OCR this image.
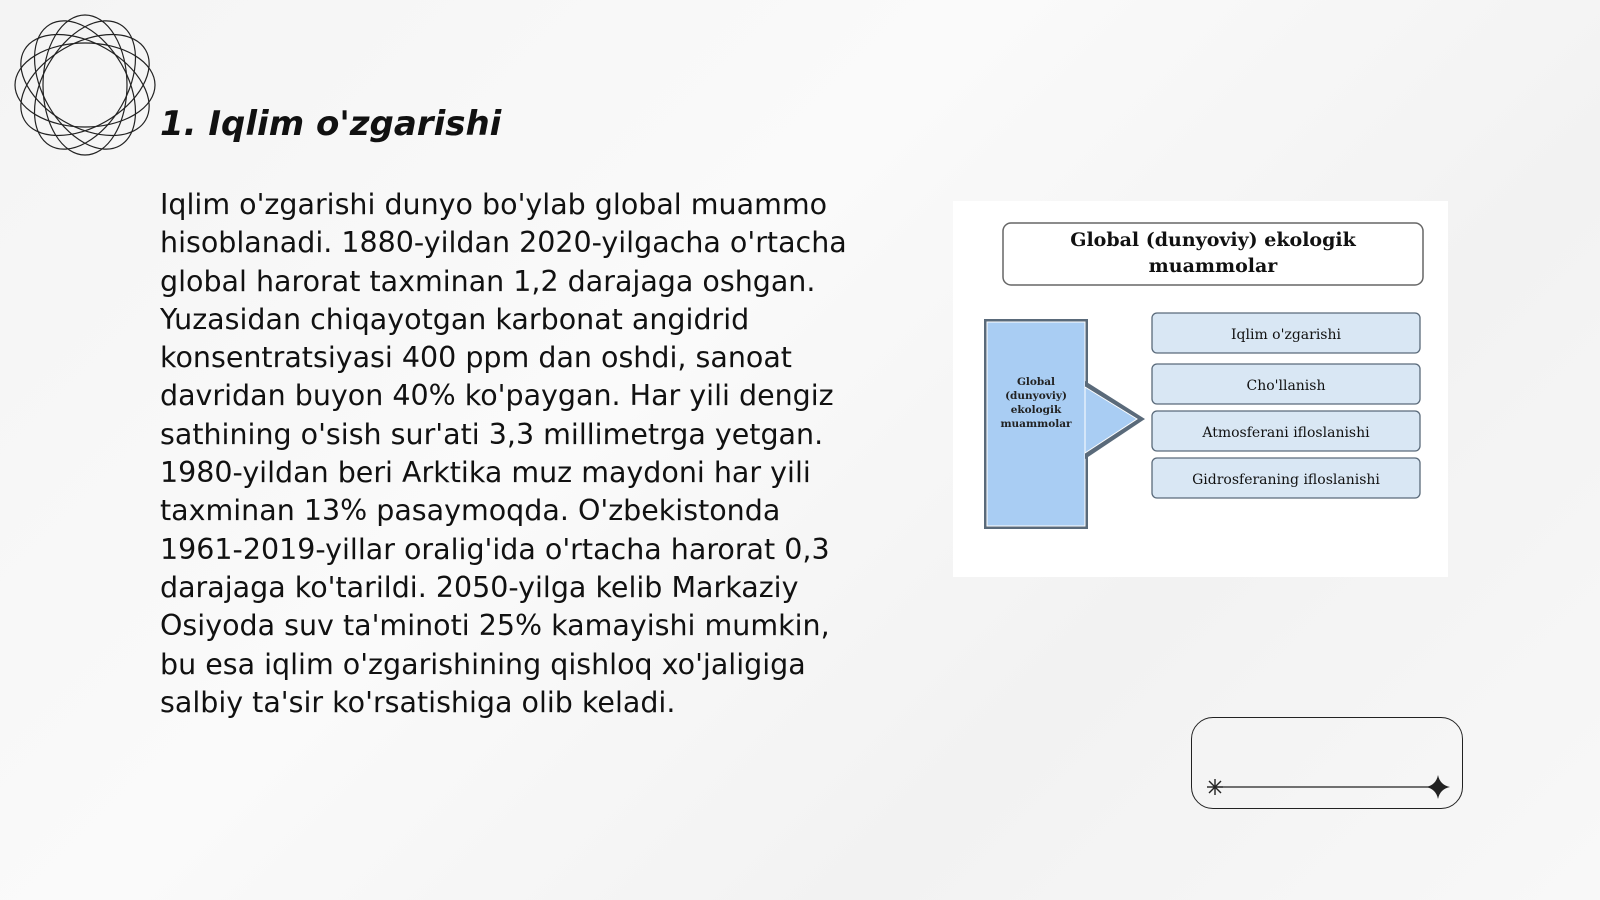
1. Iqlim o'zgarishi

Iqlim o'zgarishi dunyo bo'ylab global muammo hisoblanadi. 1880-yildan 2020-yilgacha o'rtacha global harorat taxminan 1,2 darajaga oshgan. Yuzasidan chiqayotgan karbonat angidrid konsentratsiyasi 400 ppm dan oshdi, sanoat davridan buyon 40% ko'paygan. Har yili dengiz sathining o'sish sur'ati 3,3 millimetrga yetgan. 1980-yildan beri Arktika muz maydoni har yili taxminan 13% pasaymoqda. O'zbekistonda 1961-2019-yillar oralig'ida o'rtacha harorat 0,3 darajaga ko'tarildi. 2050-yilga kelib Markaziy Osiyoda suv ta'minoti 25% kamayishi mumkin, bu esa iqlim o'zgarishining qishloq xo'jaligiga salbiy ta'sir ko'rsatishiga olib keladi.

Global (dunyoviy) ekologik
muammolar
Global
(dunyoviy)
ekologik
muammolar
Iqlim o'zgarishi
Cho'llanish
Atmosferani ifloslanishi
Gidrosferaning ifloslanishi
